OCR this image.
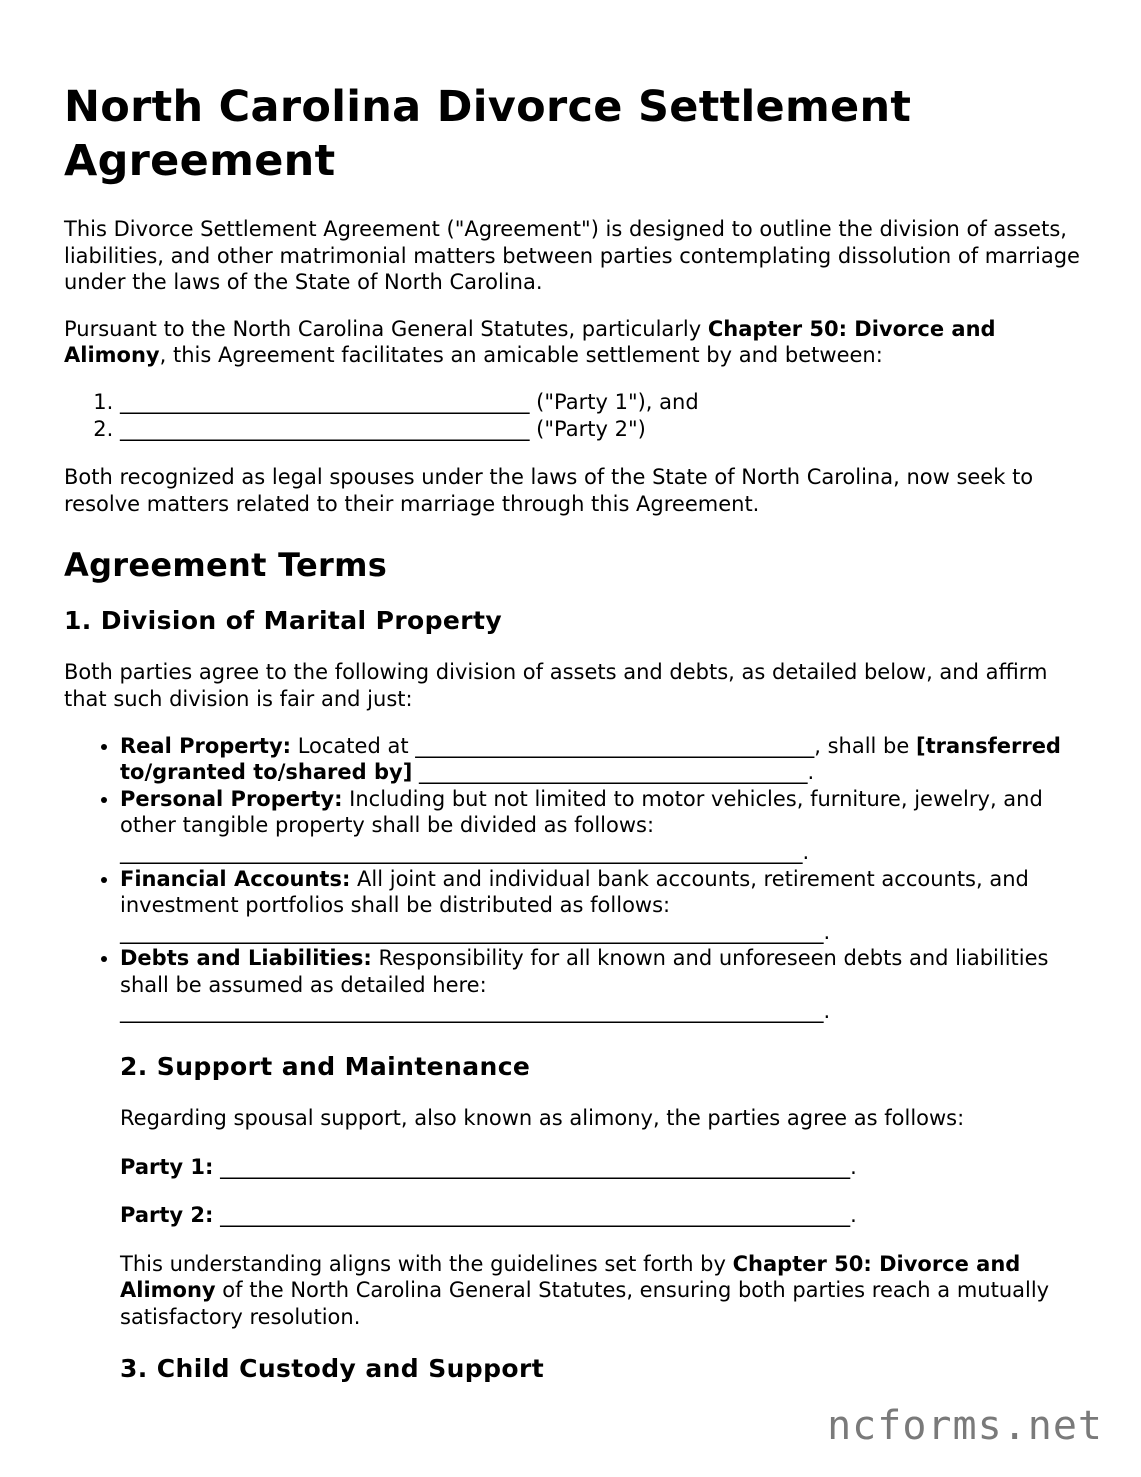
North Carolina Divorce Settlement Agreement

This Divorce Settlement Agreement ("Agreement") is designed to outline the division of assets, liabilities, and other matrimonial matters between parties contemplating dissolution of marriage under the laws of the State of North Carolina.

Pursuant to the North Carolina General Statutes, particularly Chapter 50: Divorce and Alimony, this Agreement facilitates an amicable settlement by and between:

1. _______________________________________ ("Party 1"), and
2. _______________________________________ ("Party 2")

Both recognized as legal spouses under the laws of the State of North Carolina, now seek to resolve matters related to their marriage through this Agreement.

Agreement Terms
1. Division of Marital Property

Both parties agree to the following division of assets and debts, as detailed below, and affirm that such division is fair and just:

• Real Property: Located at ______________________________________, shall be [transferred to/granted to/shared by] _____________________________________.
• Personal Property: Including but not limited to motor vehicles, furniture, jewelry, and other tangible property shall be divided as follows: _________________________________________________________________.
• Financial Accounts: All joint and individual bank accounts, retirement accounts, and investment portfolios shall be distributed as follows: ___________________________________________________________________.
• Debts and Liabilities: Responsibility for all known and unforeseen debts and liabilities shall be assumed as detailed here: ___________________________________________________________________.
2. Support and Maintenance

Regarding spousal support, also known as alimony, the parties agree as follows:

Party 1: ____________________________________________________________.

Party 2: ____________________________________________________________.

This understanding aligns with the guidelines set forth by Chapter 50: Divorce and Alimony of the North Carolina General Statutes, ensuring both parties reach a mutually satisfactory resolution.

3. Child Custody and Support
ncforms.net
